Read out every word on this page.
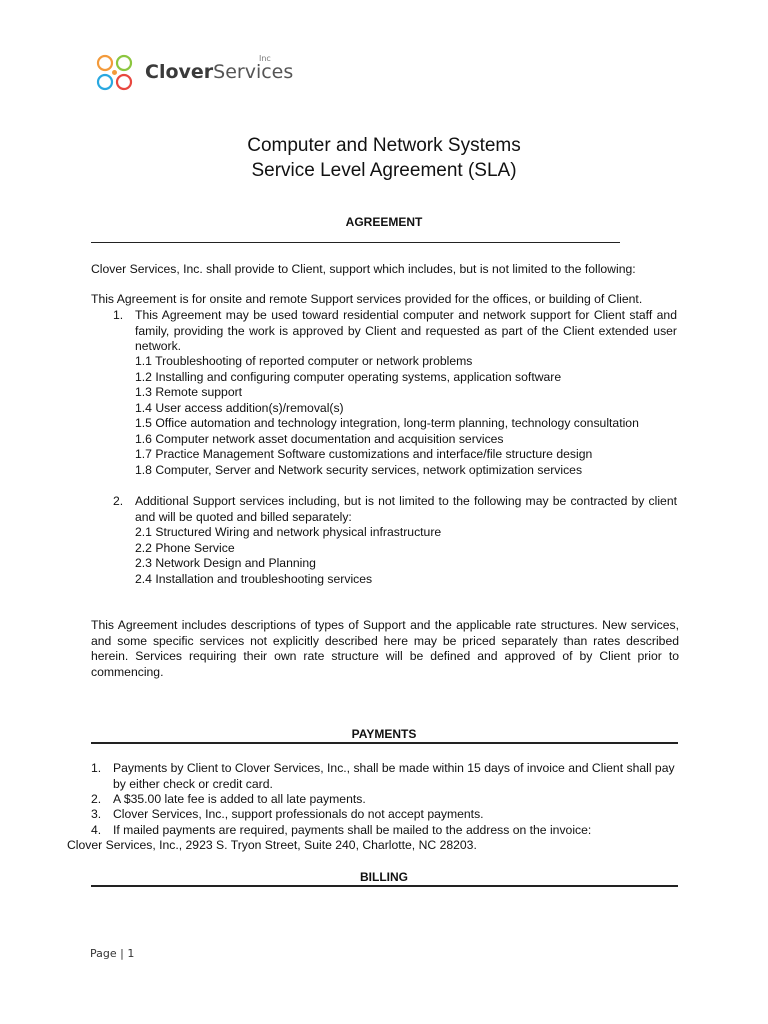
CloverServices
Inc
Computer and Network Systems
Service Level Agreement (SLA)
AGREEMENT
Clover Services, Inc. shall provide to Client, support which includes, but is not limited to the following:
This Agreement is for onsite and remote Support services provided for the offices, or building of Client.
1. This Agreement may be used toward residential computer and network support for Client staff and family, providing the work is approved by Client and requested as part of the Client extended user network.
1.1 Troubleshooting of reported computer or network problems
1.2 Installing and configuring computer operating systems, application software
1.3 Remote support
1.4 User access addition(s)/removal(s)
1.5 Office automation and technology integration, long-term planning, technology consultation
1.6 Computer network asset documentation and acquisition services
1.7 Practice Management Software customizations and interface/file structure design
1.8 Computer, Server and Network security services, network optimization services
2. Additional Support services including, but is not limited to the following may be contracted by client and will be quoted and billed separately:
2.1 Structured Wiring and network physical infrastructure
2.2 Phone Service
2.3 Network Design and Planning
2.4 Installation and troubleshooting services
This Agreement includes descriptions of types of Support and the applicable rate structures. New services, and some specific services not explicitly described here may be priced separately than rates described herein. Services requiring their own rate structure will be defined and approved of by Client prior to commencing.
PAYMENTS
1. Payments by Client to Clover Services, Inc., shall be made within 15 days of invoice and Client shall pay by either check or credit card.
2. A $35.00 late fee is added to all late payments.
3. Clover Services, Inc., support professionals do not accept payments.
4. If mailed payments are required, payments shall be mailed to the address on the invoice:
Clover Services, Inc., 2923 S. Tryon Street, Suite 240, Charlotte, NC 28203.
BILLING
Page | 1
